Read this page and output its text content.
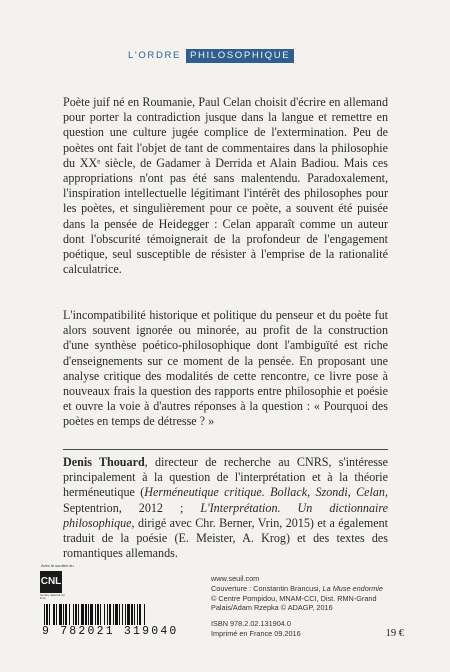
L'ORDRE PHILOSOPHIQUE

Poète juif né en Roumanie, Paul Celan choisit d'écrire en allemand pour porter la contradiction jusque dans la langue et remettre en question une culture jugée complice de l'extermination. Peu de poètes ont fait l'objet de tant de commentaires dans la philosophie du XXᵉ siècle, de Gadamer à Derrida et Alain Badiou. Mais ces appropriations n'ont pas été sans malentendu. Paradoxalement, l'inspiration intellectuelle légitimant l'intérêt des philosophes pour les poètes, et singulièrement pour ce poète, a souvent été puisée dans la pensée de Heidegger : Celan apparaît comme un auteur dont l'obscurité témoignerait de la profondeur de l'engagement poétique, seul susceptible de résister à l'emprise de la rationalité calculatrice.

L'incompatibilité historique et politique du penseur et du poète fut alors souvent ignorée ou minorée, au profit de la construction d'une synthèse poético-philosophique dont l'ambiguïté est riche d'enseignements sur ce moment de la pensée. En proposant une analyse critique des modalités de cette rencontre, ce livre pose à nouveaux frais la question des rapports entre philosophie et poésie et ouvre la voie à d'autres réponses à la question : « Pourquoi des poètes en temps de détresse ? »

Denis Thouard, directeur de recherche au CNRS, s'intéresse principalement à la question de l'interprétation et à la théorie herméneutique (Herméneutique critique. Bollack, Szondi, Celan, Septentrion, 2012 ; L'Interprétation. Un dictionnaire philosophique, dirigé avec Chr. Berner, Vrin, 2015) et a également traduit de la poésie (E. Meister, A. Krog) et des textes des romantiques allemands.
Avec le soutien du
CNL
Centre national du livre
www.seuil.com
Couverture : Constantin Brancusi, La Muse endormie
© Centre Pompidou, MNAM-CCI, Dist. RMN-Grand Palais/Adam Rzepka © ADAGP, 2016
ISBN 978.2.02.131904.0
Imprimé en France 09.2016
9 782021 319040	19 €
